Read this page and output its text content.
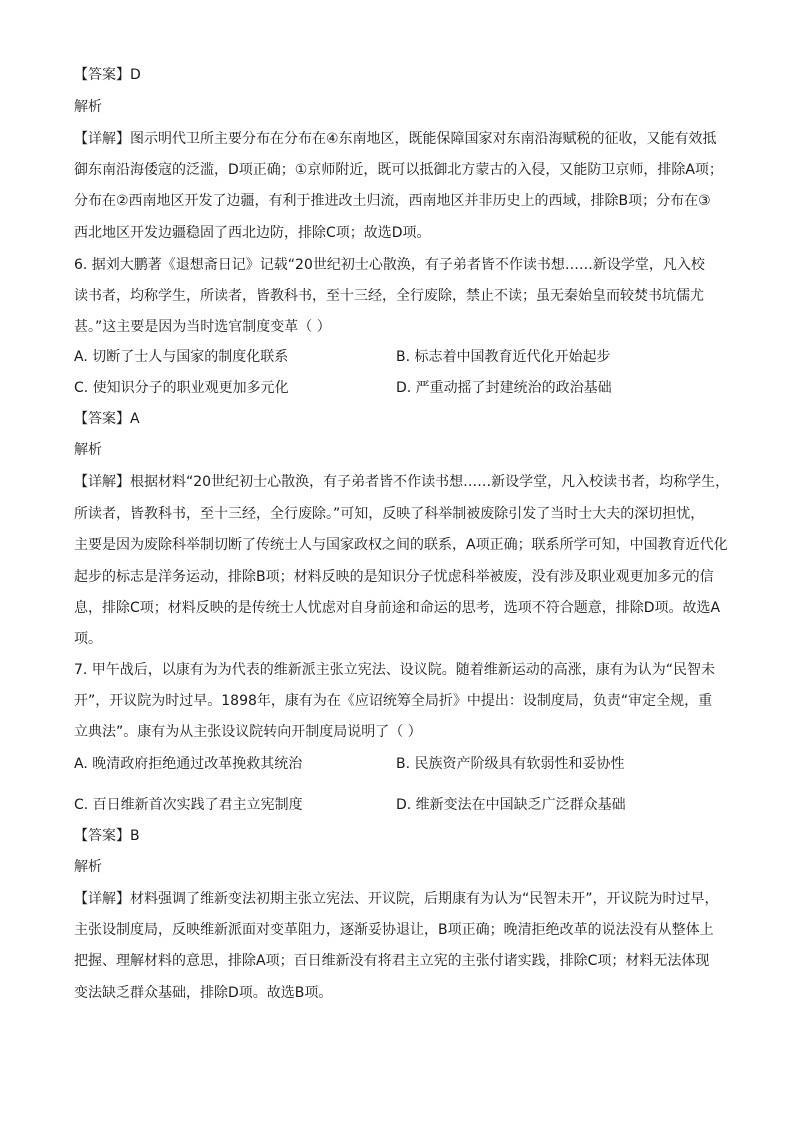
【答案】D
解析
【详解】图示明代卫所主要分布在分布在④东南地区，既能保障国家对东南沿海赋税的征收，又能有效抵
御东南沿海倭寇的泛滥，D项正确；①京师附近，既可以抵御北方蒙古的入侵，又能防卫京师，排除A项；
分布在②西南地区开发了边疆，有利于推进改土归流，西南地区并非历史上的西域，排除B项；分布在③
西北地区开发边疆稳固了西北边防，排除C项；故选D项。
6. 据刘大鹏著《退想斋日记》记载“20世纪初士心散涣，有子弟者皆不作读书想……新设学堂，凡入校
读书者，均称学生，所读者，皆教科书，至十三经，全行废除，禁止不读；虽无秦始皇而较焚书坑儒尤
甚。”这主要是因为当时选官制度变革（ ）
A. 切断了士人与国家的制度化联系	B. 标志着中国教育近代化开始起步
C. 使知识分子的职业观更加多元化	D. 严重动摇了封建统治的政治基础
【答案】A
解析
【详解】根据材料“20世纪初士心散涣，有子弟者皆不作读书想……新设学堂，凡入校读书者，均称学生，
所读者，皆教科书，至十三经，全行废除。”可知，反映了科举制被废除引发了当时士大夫的深切担忧，
主要是因为废除科举制切断了传统士人与国家政权之间的联系，A项正确；联系所学可知，中国教育近代化
起步的标志是洋务运动，排除B项；材料反映的是知识分子忧虑科举被废，没有涉及职业观更加多元的信
息，排除C项；材料反映的是传统士人忧虑对自身前途和命运的思考，选项不符合题意，排除D项。故选A
项。
7. 甲午战后，以康有为为代表的维新派主张立宪法、设议院。随着维新运动的高涨，康有为认为“民智未
开”，开议院为时过早。1898年，康有为在《应诏统筹全局折》中提出：设制度局，负责“审定全规，重
立典法”。康有为从主张设议院转向开制度局说明了（ ）
A. 晚清政府拒绝通过改革挽救其统治	B. 民族资产阶级具有软弱性和妥协性
C. 百日维新首次实践了君主立宪制度	D. 维新变法在中国缺乏广泛群众基础
【答案】B
解析
【详解】材料强调了维新变法初期主张立宪法、开议院，后期康有为认为“民智未开”，开议院为时过早，
主张设制度局，反映维新派面对变革阻力，逐渐妥协退让，B项正确；晚清拒绝改革的说法没有从整体上
把握、理解材料的意思，排除A项；百日维新没有将君主立宪的主张付诸实践，排除C项；材料无法体现
变法缺乏群众基础，排除D项。故选B项。
